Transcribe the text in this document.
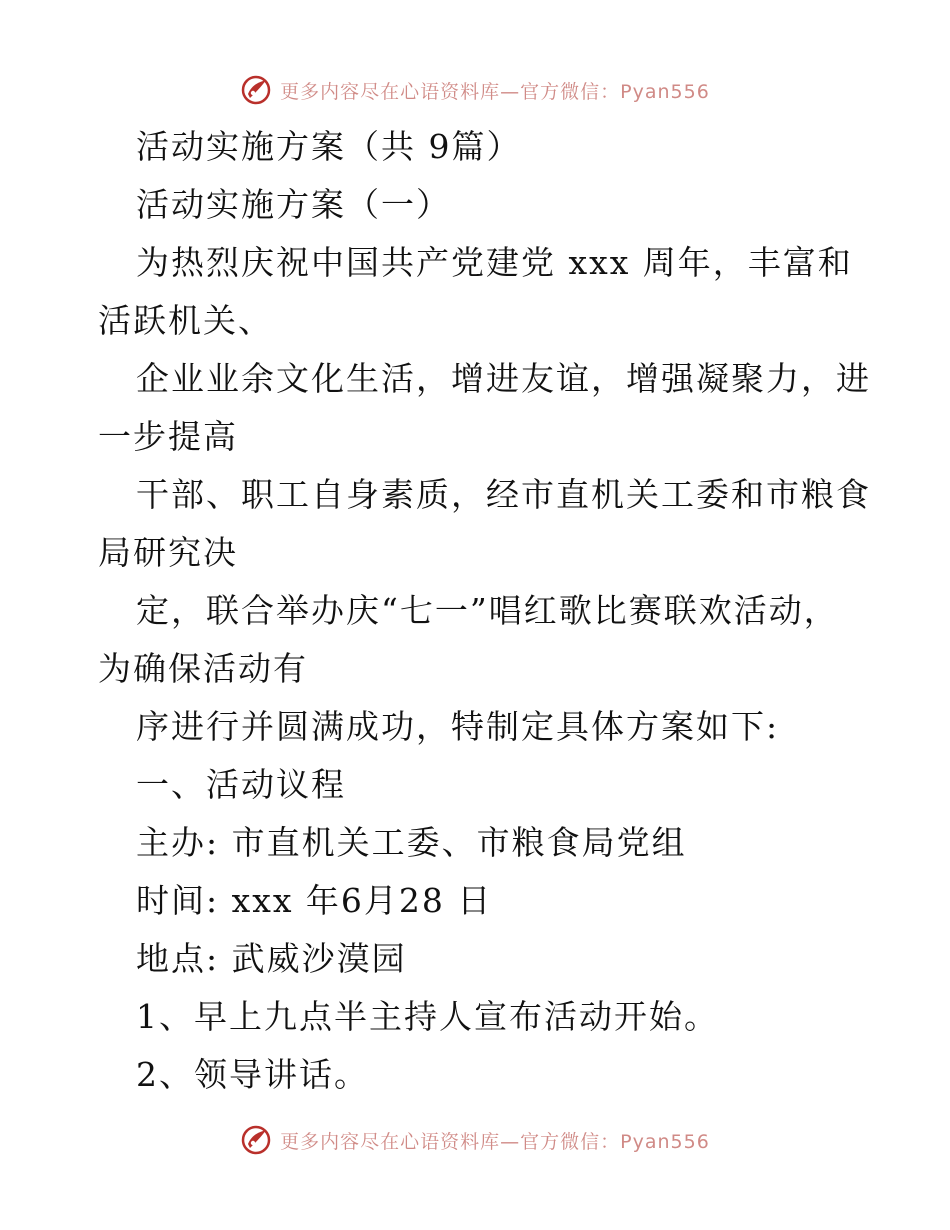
更多内容尽在心语资料库—官方微信：Pyan556
活动实施方案（共 9篇）
活动实施方案（一）
为热烈庆祝中国共产党建党 xxx 周年，丰富和
活跃机关、
企业业余文化生活，增进友谊，增强凝聚力，进
一步提高
干部、职工自身素质，经市直机关工委和市粮食
局研究决
定，联合举办庆“七一”唱红歌比赛联欢活动，
为确保活动有
序进行并圆满成功，特制定具体方案如下:
一、活动议程
主办: 市直机关工委、市粮食局党组
时间: xxx 年6月28 日
地点: 武威沙漠园
1、早上九点半主持人宣布活动开始。
2、领导讲话。
更多内容尽在心语资料库—官方微信：Pyan556
